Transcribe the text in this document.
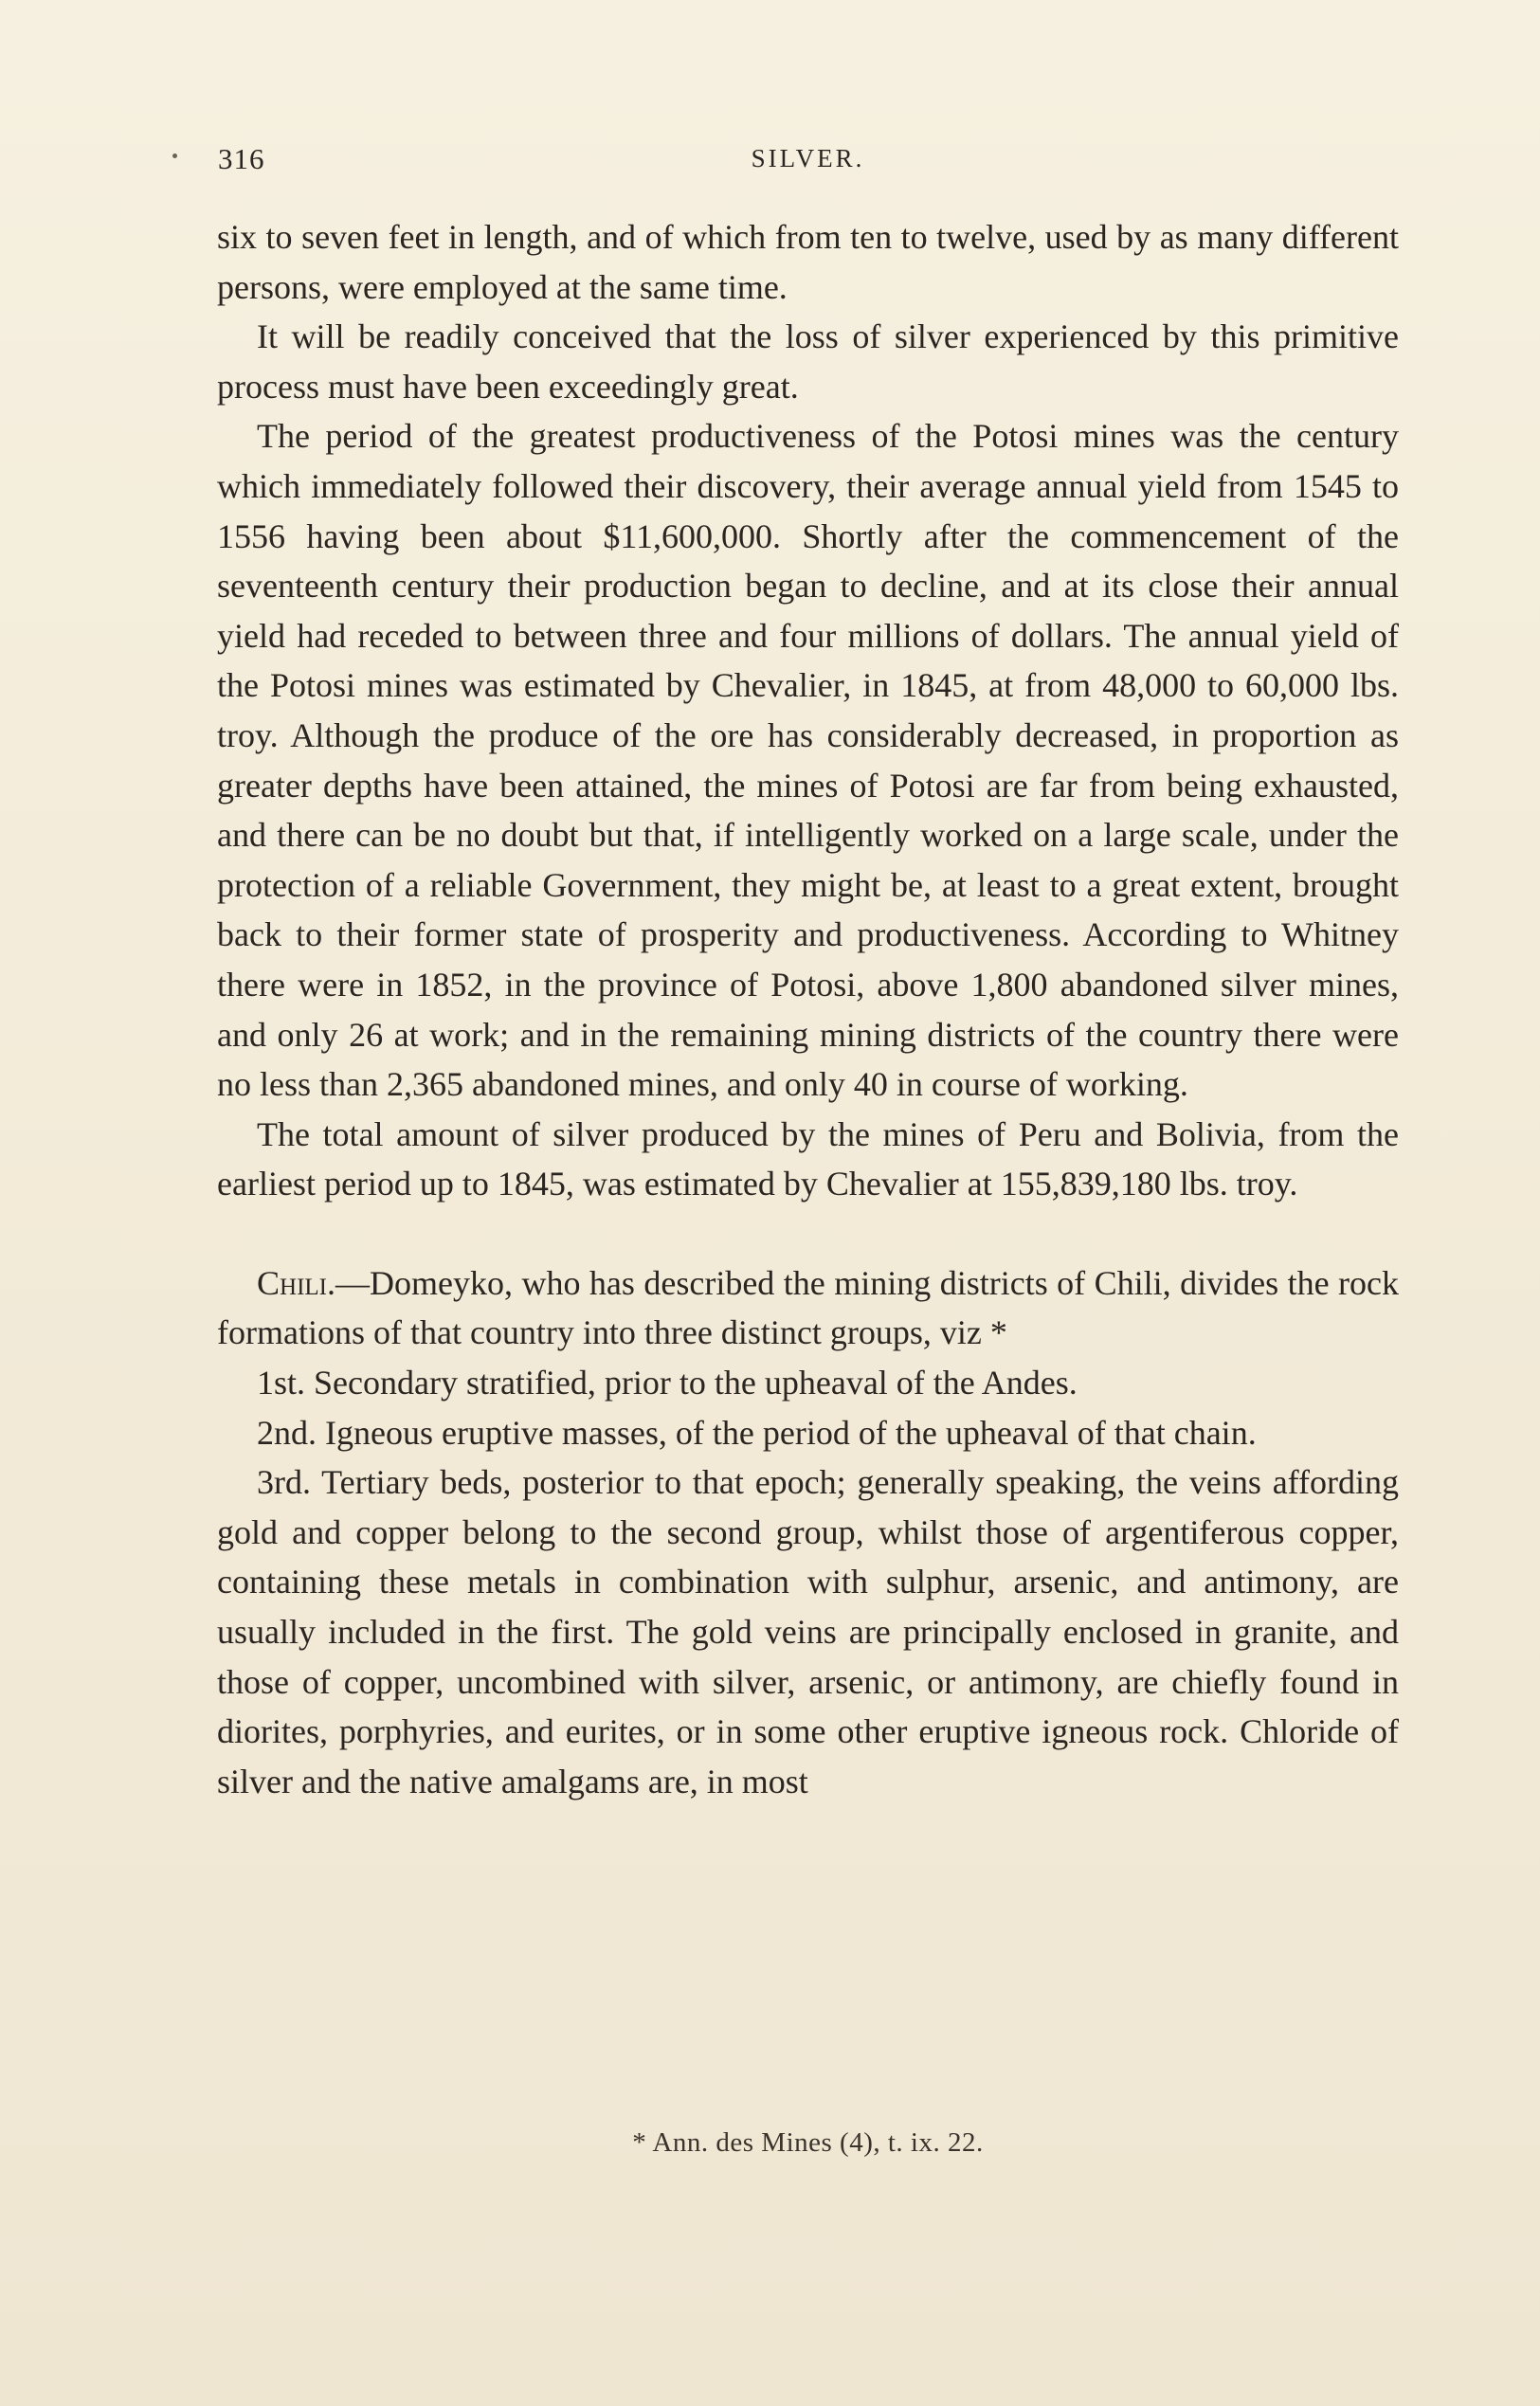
316	SILVER.

six to seven feet in length, and of which from ten to twelve, used by as many different persons, were employed at the same time.

It will be readily conceived that the loss of silver experienced by this primitive process must have been exceedingly great.

The period of the greatest productiveness of the Potosi mines was the century which immediately followed their discovery, their average annual yield from 1545 to 1556 having been about $11,600,000. Shortly after the commencement of the seventeenth century their production began to decline, and at its close their annual yield had receded to between three and four millions of dollars. The annual yield of the Potosi mines was estimated by Chevalier, in 1845, at from 48,000 to 60,000 lbs. troy. Although the produce of the ore has considerably decreased, in proportion as greater depths have been attained, the mines of Potosi are far from being exhausted, and there can be no doubt but that, if intelligently worked on a large scale, under the protection of a reliable Government, they might be, at least to a great extent, brought back to their former state of prosperity and productiveness. According to Whitney there were in 1852, in the province of Potosi, above 1,800 abandoned silver mines, and only 26 at work; and in the remaining mining districts of the country there were no less than 2,365 abandoned mines, and only 40 in course of working.

The total amount of silver produced by the mines of Peru and Bolivia, from the earliest period up to 1845, was estimated by Chevalier at 155,839,180 lbs. troy.

Chili.—Domeyko, who has described the mining districts of Chili, divides the rock formations of that country into three distinct groups, viz *

1st. Secondary stratified, prior to the upheaval of the Andes.

2nd. Igneous eruptive masses, of the period of the upheaval of that chain.

3rd. Tertiary beds, posterior to that epoch; generally speaking, the veins affording gold and copper belong to the second group, whilst those of argentiferous copper, containing these metals in combination with sulphur, arsenic, and antimony, are usually included in the first. The gold veins are principally enclosed in granite, and those of copper, uncombined with silver, arsenic, or antimony, are chiefly found in diorites, porphyries, and eurites, or in some other eruptive igneous rock. Chloride of silver and the native amalgams are, in most

* Ann. des Mines (4), t. ix. 22.
